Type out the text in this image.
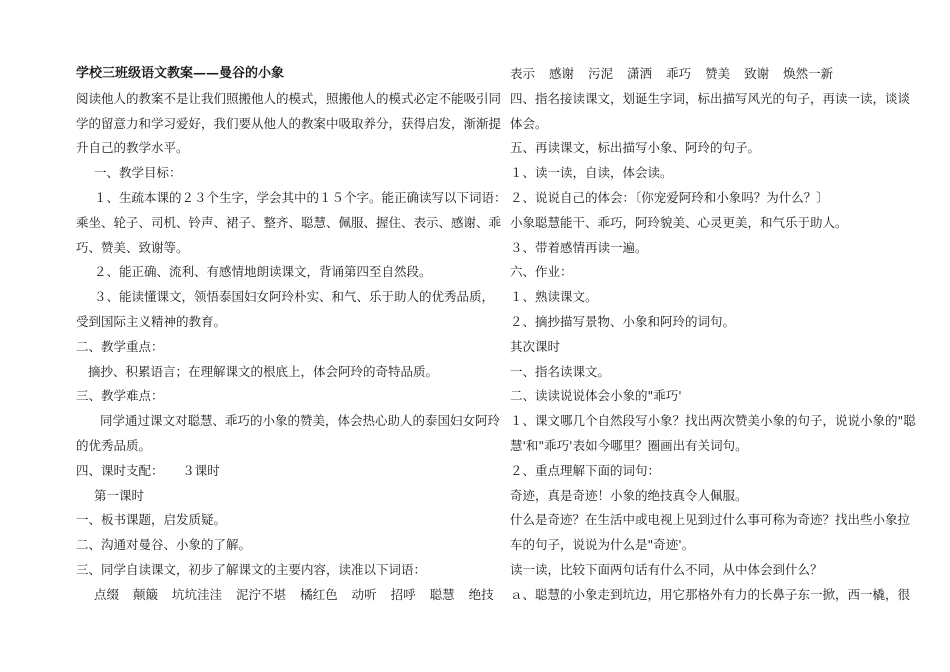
学校三班级语文教案——曼谷的小象
阅读他人的教案不是让我们照搬他人的模式，照搬他人的模式必定不能吸引同
学的留意力和学习爱好，我们要从他人的教案中吸取养分，获得启发，渐渐提
升自己的教学水平。
一、教学目标：
１、生疏本课的２３个生字，学会其中的１５个字。能正确读写以下词语：
乘坐、轮子、司机、铃声、裙子、整齐、聪慧、佩服、握住、表示、感谢、乖
巧、赞美、致谢等。
２、能正确、流利、有感情地朗读课文，背诵第四至自然段。
３、能读懂课文，领悟泰国妇女阿玲朴实、和气、乐于助人的优秀品质，
受到国际主义精神的教育。
二、教学重点：
摘抄、积累语言；在理解课文的根底上，体会阿玲的奇特品质。
三、教学难点：
同学通过课文对聪慧、乖巧的小象的赞美，体会热心助人的泰国妇女阿玲
的优秀品质。
四、课时支配：　　３课时
第一课时
一、板书课题，启发质疑。
二、沟通对曼谷、小象的了解。
三、同学自读课文，初步了解课文的主要内容，读准以下词语：
点缀 颠簸 坑坑洼洼 泥泞不堪 橘红色 动听 招呼 聪慧 绝技
表示 感谢 污泥 潇洒 乖巧 赞美 致谢 焕然一新
四、指名接读课文，划诞生字词，标出描写风光的句子，再读一读，谈谈
体会。
五、再读课文，标出描写小象、阿玲的句子。
１、读一读，自读，体会读。
２、说说自己的体会：〔你宠爱阿玲和小象吗？为什么？〕
小象聪慧能干、乖巧，阿玲貌美、心灵更美，和气乐于助人。
３、带着感情再读一遍。
六、作业：
１、熟读课文。
２、摘抄描写景物、小象和阿玲的词句。
其次课时
一、指名读课文。
二、读读说说体会小象的"乖巧'
１、课文哪几个自然段写小象？找出两次赞美小象的句子，说说小象的"聪
慧'和"乖巧'表如今哪里？圈画出有关词句。
２、重点理解下面的词句：
奇迹，真是奇迹！小象的绝技真令人佩服。
什么是奇迹？在生活中或电视上见到过什么事可称为奇迹？找出些小象拉
车的句子，说说为什么是"奇迹'。
读一读，比较下面两句话有什么不同，从中体会到什么？
ａ、聪慧的小象走到坑边，用它那格外有力的长鼻子东一掀，西一橇，很
